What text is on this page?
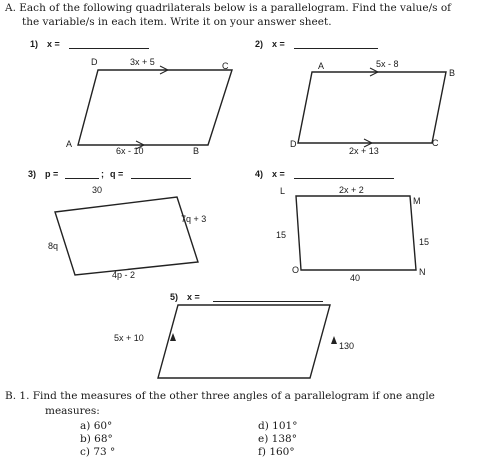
A. Each of the following quadrilaterals below is a parallelogram. Find the value/s of
the variable/s in each item. Write it on your answer sheet.
1) x =	2) x =
D	3x + 5	C
A
6x - 10	B
A	5x - 8
B
D
2x + 13
C
3) p =	; q =	4) x =
30
7q + 3
8q
4p - 2
L	2x + 2
M
15
15
O	N
40
5) x =
5x + 10
130
B. 1. Find the measures of the other three angles of a parallelogram if one angle
measures:
a) 60°
b) 68°
c) 73 °
d) 101°
e) 138°
f) 160°
